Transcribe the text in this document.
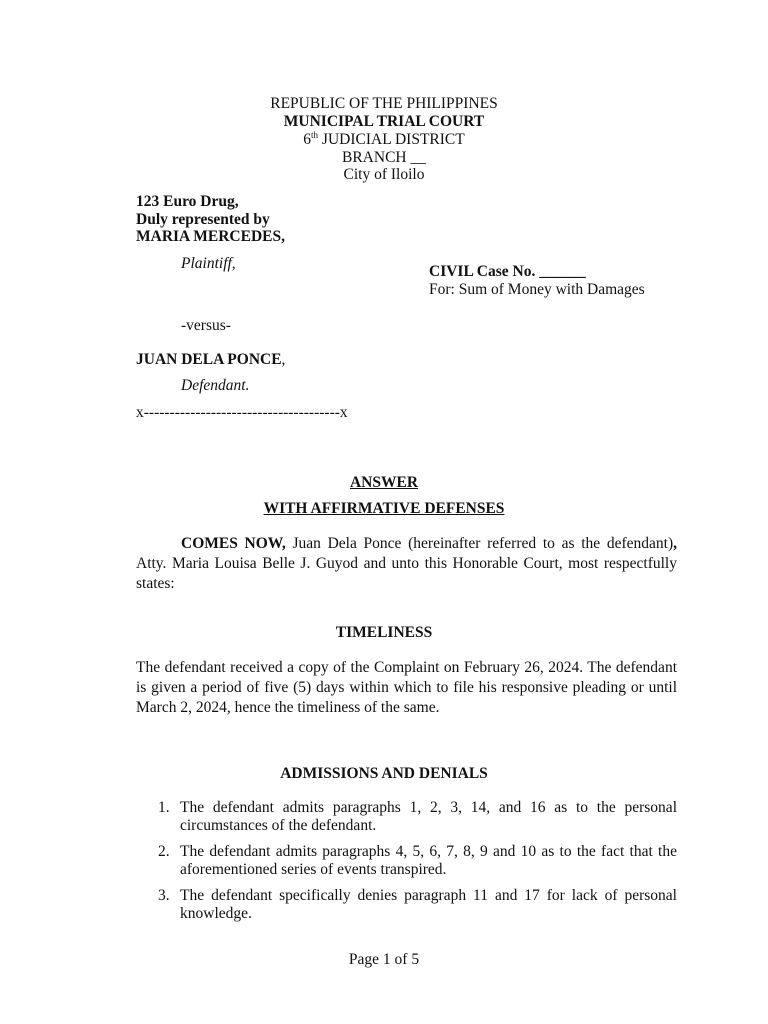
REPUBLIC OF THE PHILIPPINES
MUNICIPAL TRIAL COURT
6th JUDICIAL DISTRICT
BRANCH __
City of Iloilo
123 Euro Drug,
Duly represented by
MARIA MERCEDES,
Plaintiff,	CIVIL Case No. ______
For: Sum of Money with Damages
-versus-
JUAN DELA PONCE,
Defendant.
x--------------------------------------x
ANSWER
WITH AFFIRMATIVE DEFENSES
COMES NOW, Juan Dela Ponce (hereinafter referred to as the defendant), Atty. Maria Louisa Belle J. Guyod and unto this Honorable Court, most respectfully states:
TIMELINESS
The defendant received a copy of the Complaint on February 26, 2024. The defendant is given a period of five (5) days within which to file his responsive pleading or until March 2, 2024, hence the timeliness of the same.
ADMISSIONS AND DENIALS
1. The defendant admits paragraphs 1, 2, 3, 14, and 16 as to the personal circumstances of the defendant.
2. The defendant admits paragraphs 4, 5, 6, 7, 8, 9 and 10 as to the fact that the aforementioned series of events transpired.
3. The defendant specifically denies paragraph 11 and 17 for lack of personal knowledge.
Page 1 of 5
